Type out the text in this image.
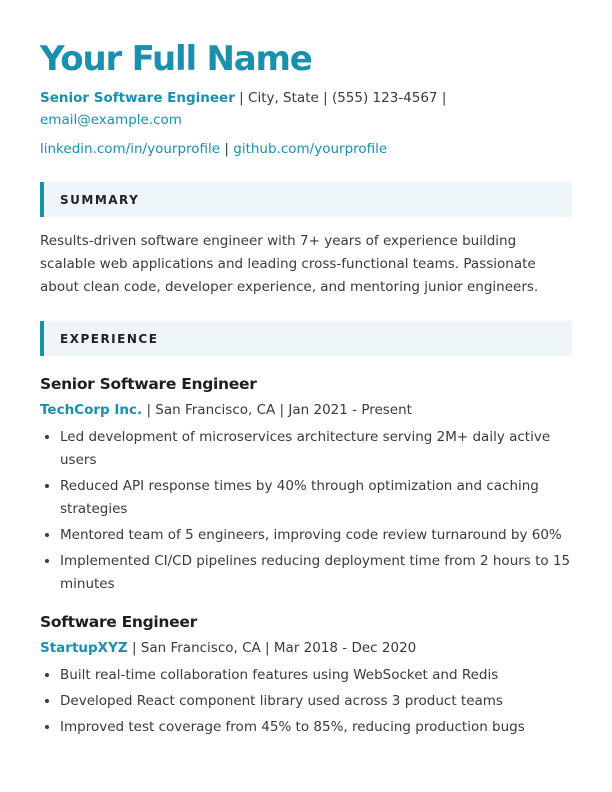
Your Full Name
Senior Software Engineer | City, State | (555) 123-4567 |
email@example.com
linkedin.com/in/yourprofile | github.com/yourprofile
SUMMARY
Results-driven software engineer with 7+ years of experience building scalable web applications and leading cross-functional teams. Passionate about clean code, developer experience, and mentoring junior engineers.
EXPERIENCE
Senior Software Engineer
TechCorp Inc. | San Francisco, CA | Jan 2021 - Present
• Led development of microservices architecture serving 2M+ daily active users
• Reduced API response times by 40% through optimization and caching strategies
• Mentored team of 5 engineers, improving code review turnaround by 60%
• Implemented CI/CD pipelines reducing deployment time from 2 hours to 15 minutes
Software Engineer
StartupXYZ | San Francisco, CA | Mar 2018 - Dec 2020
• Built real-time collaboration features using WebSocket and Redis
• Developed React component library used across 3 product teams
• Improved test coverage from 45% to 85%, reducing production bugs
